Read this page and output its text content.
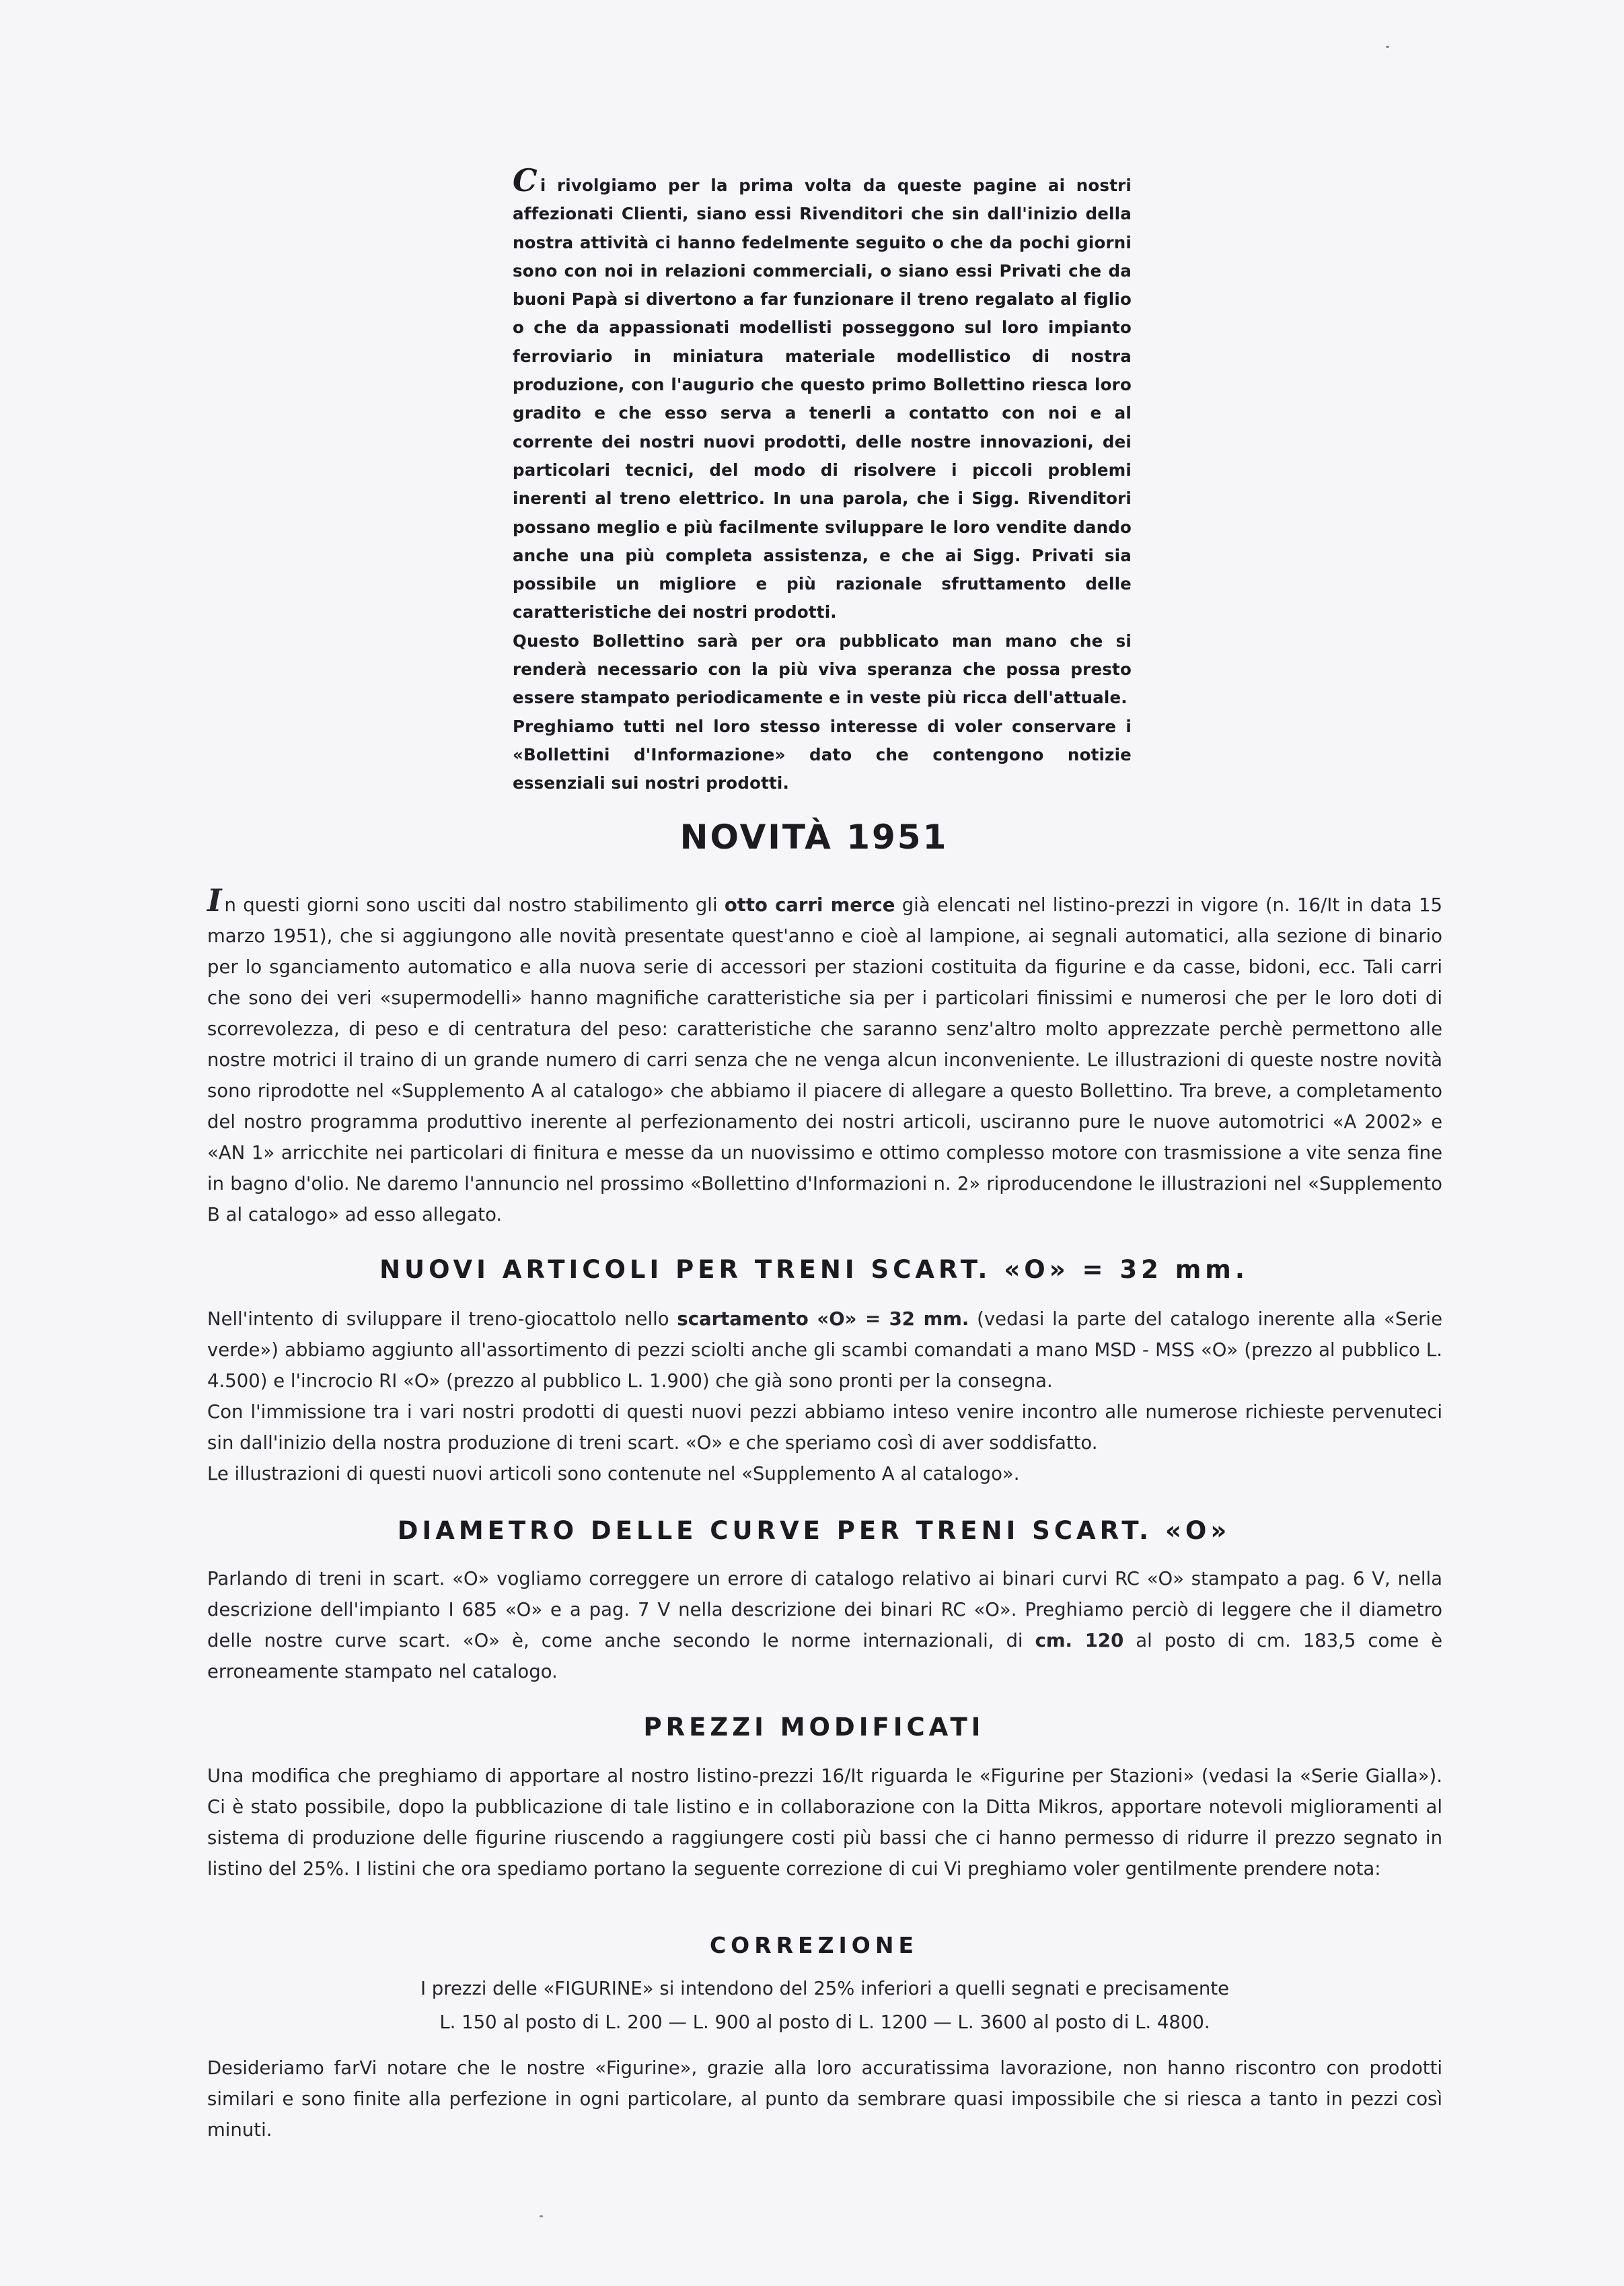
Ci rivolgiamo per la prima volta da queste pagine ai nostri affezionati Clienti, siano essi Rivenditori che sin dall'inizio della nostra attività ci hanno fedelmente seguito o che da pochi giorni sono con noi in relazioni commerciali, o siano essi Privati che da buoni Papà si divertono a far funzionare il treno regalato al figlio o che da appassionati modellisti posseggono sul loro impianto ferroviario in miniatura materiale modellistico di nostra produzione, con l'augurio che questo primo Bollettino riesca loro gradito e che esso serva a tenerli a contatto con noi e al corrente dei nostri nuovi prodotti, delle nostre innovazioni, dei particolari tecnici, del modo di risolvere i piccoli problemi inerenti al treno elettrico. In una parola, che i Sigg. Rivenditori possano meglio e più facilmente sviluppare le loro vendite dando anche una più completa assistenza, e che ai Sigg. Privati sia possibile un migliore e più razionale sfruttamento delle caratteristiche dei nostri prodotti.

Questo Bollettino sarà per ora pubblicato man mano che si renderà necessario con la più viva speranza che possa presto essere stampato periodicamente e in veste più ricca dell'attuale.

Preghiamo tutti nel loro stesso interesse di voler conservare i «Bollettini d'Informazione» dato che contengono notizie essenziali sui nostri prodotti.

NOVITÀ 1951

In questi giorni sono usciti dal nostro stabilimento gli otto carri merce già elencati nel listino-prezzi in vigore (n. 16/It in data 15 marzo 1951), che si aggiungono alle novità presentate quest'anno e cioè al lampione, ai segnali automatici, alla sezione di binario per lo sganciamento automatico e alla nuova serie di accessori per stazioni costituita da figurine e da casse, bidoni, ecc. Tali carri che sono dei veri «supermodelli» hanno magnifiche caratteristiche sia per i particolari finissimi e numerosi che per le loro doti di scorrevolezza, di peso e di centratura del peso: caratteristiche che saranno senz'altro molto apprezzate perchè permettono alle nostre motrici il traino di un grande numero di carri senza che ne venga alcun inconveniente. Le illustrazioni di queste nostre novità sono riprodotte nel «Supplemento A al catalogo» che abbiamo il piacere di allegare a questo Bollettino. Tra breve, a completamento del nostro programma produttivo inerente al perfezionamento dei nostri articoli, usciranno pure le nuove automotrici «A 2002» e «AN 1» arricchite nei particolari di finitura e messe da un nuovissimo e ottimo complesso motore con trasmissione a vite senza fine in bagno d'olio. Ne daremo l'annuncio nel prossimo «Bollettino d'Informazioni n. 2» riproducendone le illustrazioni nel «Supplemento B al catalogo» ad esso allegato.

NUOVI ARTICOLI PER TRENI SCART. «O» = 32 mm.

Nell'intento di sviluppare il treno-giocattolo nello scartamento «O» = 32 mm. (vedasi la parte del catalogo inerente alla «Serie verde») abbiamo aggiunto all'assortimento di pezzi sciolti anche gli scambi comandati a mano MSD - MSS «O» (prezzo al pubblico L. 4.500) e l'incrocio RI «O» (prezzo al pubblico L. 1.900) che già sono pronti per la consegna.

Con l'immissione tra i vari nostri prodotti di questi nuovi pezzi abbiamo inteso venire incontro alle numerose richieste pervenuteci sin dall'inizio della nostra produzione di treni scart. «O» e che speriamo così di aver soddisfatto.

Le illustrazioni di questi nuovi articoli sono contenute nel «Supplemento A al catalogo».

DIAMETRO DELLE CURVE PER TRENI SCART. «O»

Parlando di treni in scart. «O» vogliamo correggere un errore di catalogo relativo ai binari curvi RC «O» stampato a pag. 6 V, nella descrizione dell'impianto I 685 «O» e a pag. 7 V nella descrizione dei binari RC «O». Preghiamo perciò di leggere che il diametro delle nostre curve scart. «O» è, come anche secondo le norme internazionali, di cm. 120 al posto di cm. 183,5 come è erroneamente stampato nel catalogo.

PREZZI MODIFICATI

Una modifica che preghiamo di apportare al nostro listino-prezzi 16/It riguarda le «Figurine per Stazioni» (vedasi la «Serie Gialla»). Ci è stato possibile, dopo la pubblicazione di tale listino e in collaborazione con la Ditta Mikros, apportare notevoli miglioramenti al sistema di produzione delle figurine riuscendo a raggiungere costi più bassi che ci hanno permesso di ridurre il prezzo segnato in listino del 25%. I listini che ora spediamo portano la seguente correzione di cui Vi preghiamo voler gentilmente prendere nota:

CORREZIONE

I prezzi delle «FIGURINE» si intendono del 25% inferiori a quelli segnati e precisamente

L. 150 al posto di L. 200 — L. 900 al posto di L. 1200 — L. 3600 al posto di L. 4800.

Desideriamo farVi notare che le nostre «Figurine», grazie alla loro accuratissima lavorazione, non hanno riscontro con prodotti similari e sono finite alla perfezione in ogni particolare, al punto da sembrare quasi impossibile che si riesca a tanto in pezzi così minuti.
